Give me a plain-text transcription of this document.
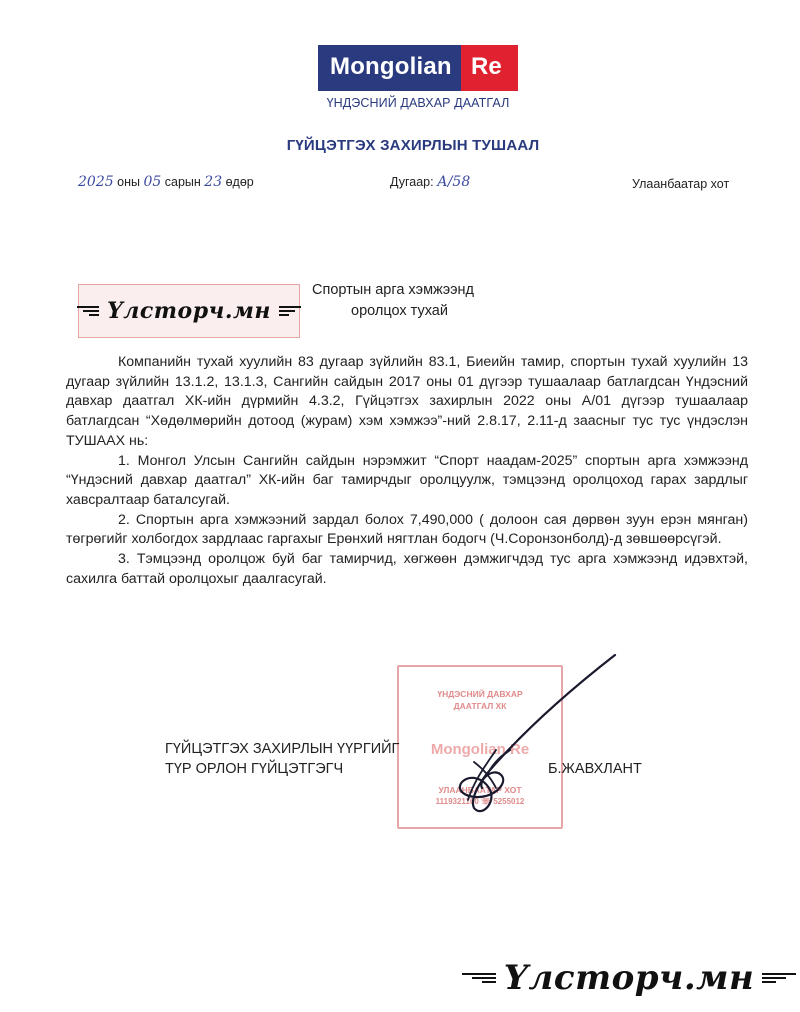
Mongolian Re
ҮНДЭСНИЙ ДАВХАР ДААТГАЛ
ГҮЙЦЭТГЭХ ЗАХИРЛЫН ТУШААЛ
2025 оны 05 сарын 23 өдөр	Дугаар: А/58	Улаанбаатар хот
Үлсторч.мн
Спортын арга хэмжээнд
оролцох тухай

Компанийн тухай хуулийн 83 дугаар зүйлийн 83.1, Биеийн тамир, спортын тухай хуулийн 13 дугаар зүйлийн 13.1.2, 13.1.3, Сангийн сайдын 2017 оны 01 дүгээр тушаалаар батлагдсан Үндэсний давхар даатгал ХК-ийн дүрмийн 4.3.2, Гүйцэтгэх захирлын 2022 оны А/01 дүгээр тушаалаар батлагдсан “Хөдөлмөрийн дотоод (журам) хэм хэмжээ”-ний 2.8.17, 2.11-д заасныг тус тус үндэслэн ТУШААХ нь:

1. Монгол Улсын Сангийн сайдын нэрэмжит “Спорт наадам-2025” спортын арга хэмжээнд “Үндэсний давхар даатгал” ХК-ийн баг тамирчдыг оролцуулж, тэмцээнд оролцоход гарах зардлыг хавсралтаар баталсугай.

2. Спортын арга хэмжээний зардал болох 7,490,000 ( долоон сая дөрвөн зуун ерэн мянган) төгрөгийг холбогдох зардлаас гаргахыг Ерөнхий нягтлан бодогч (Ч.Соронзонболд)-д зөвшөөрсүгэй.

3. Тэмцээнд оролцож буй баг тамирчид, хөгжөөн дэмжигчдэд тус арга хэмжээнд идэвхтэй, сахилга баттай оролцохыг даалгасугай.

ҮНДЭСНИЙ ДАВХАР
ДААТГАЛ ХК
Mongolian Re
УЛААНБААТАР ХОТ
1119321160 ☏ 5255012
ГҮЙЦЭТГЭХ ЗАХИРЛЫН ҮҮРГИЙГ
ТҮР ОРЛОН ГҮЙЦЭТГЭГЧ	Б.ЖАВХЛАНТ
Үлсторч.мн
